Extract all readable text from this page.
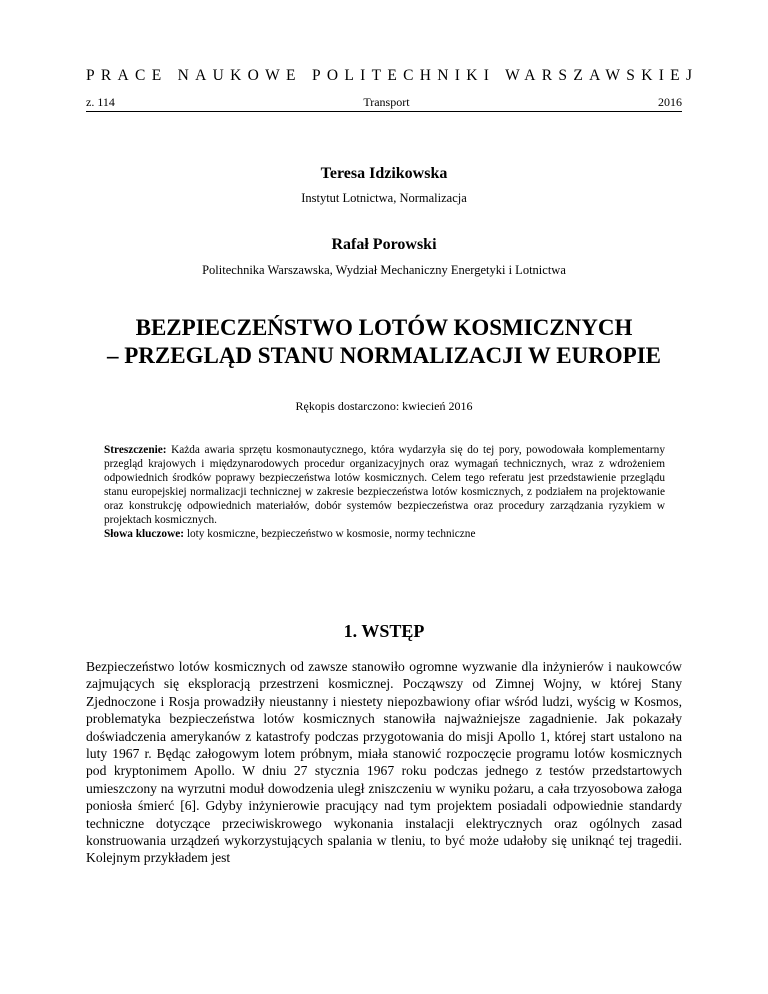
PRACE NAUKOWE POLITECHNIKI WARSZAWSKIEJ
z. 114	Transport	2016
Teresa Idzikowska
Instytut Lotnictwa, Normalizacja
Rafał Porowski
Politechnika Warszawska, Wydział Mechaniczny Energetyki i Lotnictwa
BEZPIECZEŃSTWO LOTÓW KOSMICZNYCH
– PRZEGLĄD STANU NORMALIZACJI W EUROPIE
Rękopis dostarczono: kwiecień 2016

Streszczenie: Każda awaria sprzętu kosmonautycznego, która wydarzyła się do tej pory, powodowała komplementarny przegląd krajowych i międzynarodowych procedur organizacyjnych oraz wymagań technicznych, wraz z wdrożeniem odpowiednich środków poprawy bezpieczeństwa lotów kosmicznych. Celem tego referatu jest przedstawienie przeglądu stanu europejskiej normalizacji technicznej w zakresie bezpieczeństwa lotów kosmicznych, z podziałem na projektowanie oraz konstrukcję odpowiednich materiałów, dobór systemów bezpieczeństwa oraz procedury zarządzania ryzykiem w projektach kosmicznych.

Słowa kluczowe: loty kosmiczne, bezpieczeństwo w kosmosie, normy techniczne

1. WSTĘP

Bezpieczeństwo lotów kosmicznych od zawsze stanowiło ogromne wyzwanie dla inżynierów i naukowców zajmujących się eksploracją przestrzeni kosmicznej. Począwszy od Zimnej Wojny, w której Stany Zjednoczone i Rosja prowadziły nieustanny i niestety niepozbawiony ofiar wśród ludzi, wyścig w Kosmos, problematyka bezpieczeństwa lotów kosmicznych stanowiła najważniejsze zagadnienie. Jak pokazały doświadczenia amerykanów z katastrofy podczas przygotowania do misji Apollo 1, której start ustalono na luty 1967 r. Będąc załogowym lotem próbnym, miała stanowić rozpoczęcie programu lotów kosmicznych pod kryptonimem Apollo. W dniu 27 stycznia 1967 roku podczas jednego z testów przedstartowych umieszczony na wyrzutni moduł dowodzenia uległ zniszczeniu w wyniku pożaru, a cała trzyosobowa załoga poniosła śmierć [6]. Gdyby inżynierowie pracujący nad tym projektem posiadali odpowiednie standardy techniczne dotyczące przeciwiskrowego wykonania instalacji elektrycznych oraz ogólnych zasad konstruowania urządzeń wykorzystujących spalania w tleniu, to być może udałoby się uniknąć tej tragedii. Kolejnym przykładem jest
